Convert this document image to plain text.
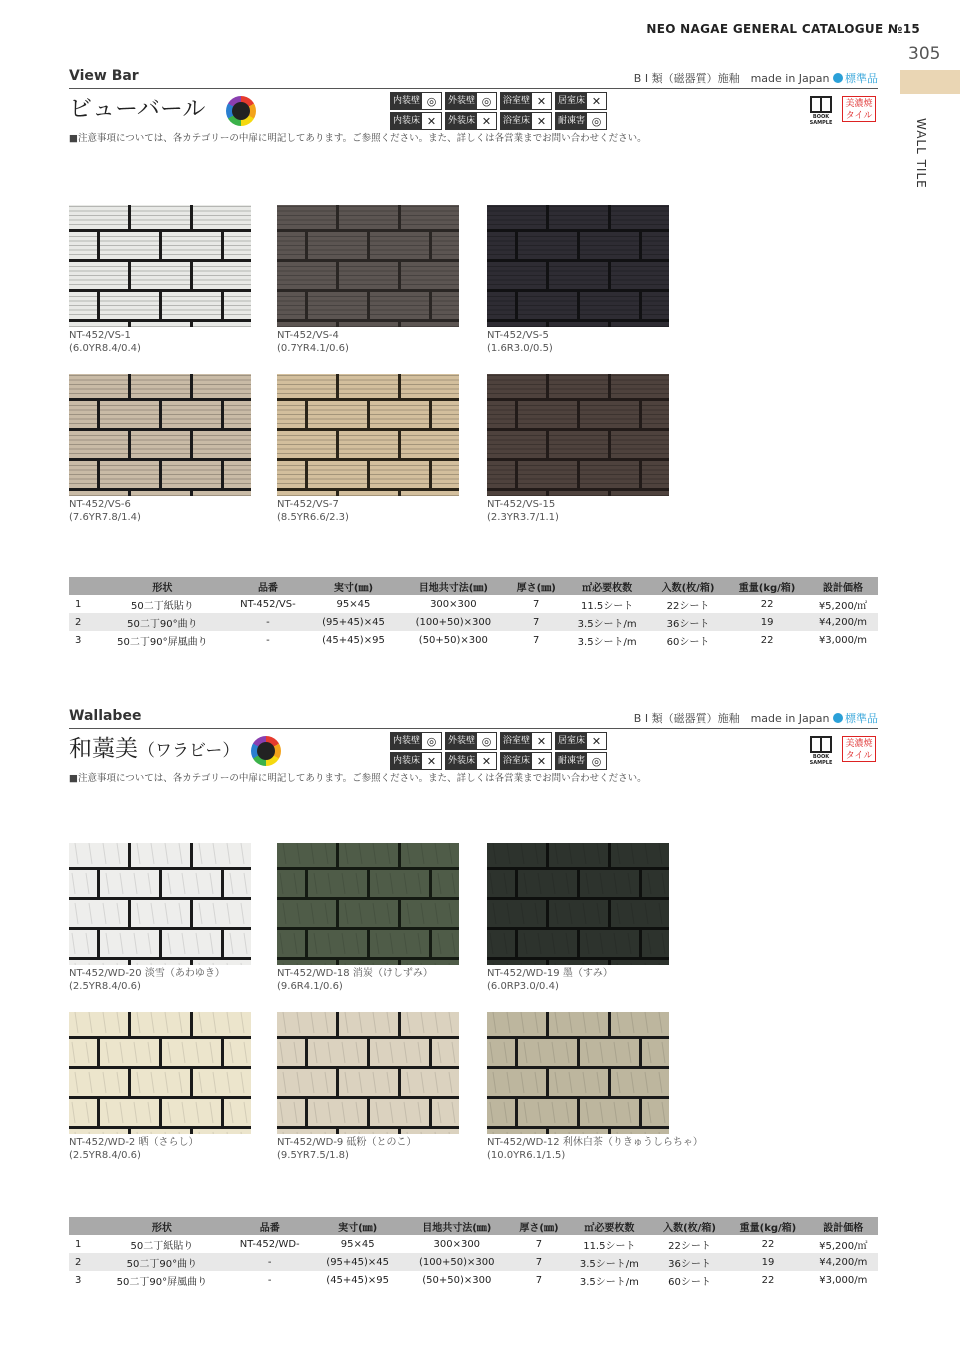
NEO NAGAE GENERAL CATALOGUE №15
305
WALL TILE
View Bar	B I 類（磁器質）施釉　 made in Japan 標準品
ビューバール	内装壁 ◎	外装壁 ◎	浴室壁 ✕	居室床 ✕
内装床 ✕	外装床 ✕	浴室床 ✕	耐凍害 ◎	BOOK SAMPLE
美濃焼
タイル
■注意事項については、各カテゴリーの中扉に明記してあります。ご参照ください。また、詳しくは各営業までお問い合わせください。
NT-452/VS-1
(6.0YR8.4/0.4)
NT-452/VS-4
(0.7YR4.1/0.6)
NT-452/VS-5
(1.6R3.0/0.5)
NT-452/VS-6
(7.6YR7.8/1.4)
NT-452/VS-7
(8.5YR6.6/2.3)
NT-452/VS-15
(2.3YR3.7/1.1)
	形状	品番	実寸(㎜)	目地共寸法(㎜)	厚さ(㎜)	㎡必要枚数	入数(枚/箱)	重量(kg/箱)	設計価格
1	50二丁紙貼り	NT-452/VS-	95×45	300×300	7	11.5シート	22シート	22	¥5,200/㎡
2	50二丁90°曲り	-	(95+45)×45	(100+50)×300	7	3.5シート/m	36シート	19	¥4,200/m
3	50二丁90°屏風曲り	-	(45+45)×95	(50+50)×300	7	3.5シート/m	60シート	22	¥3,000/m
Wallabee	B I 類（磁器質）施釉　 made in Japan 標準品
和藁美（ワラビー）	内装壁 ◎	外装壁 ◎	浴室壁 ✕	居室床 ✕
内装床 ✕	外装床 ✕	浴室床 ✕	耐凍害 ◎	BOOK SAMPLE
美濃焼
タイル
■注意事項については、各カテゴリーの中扉に明記してあります。ご参照ください。また、詳しくは各営業までお問い合わせください。
NT-452/WD-20 淡雪（あわゆき）
(2.5YR8.4/0.6)
NT-452/WD-18 消炭（けしずみ）
(9.6R4.1/0.6)
NT-452/WD-19 墨（すみ）
(6.0RP3.0/0.4)
NT-452/WD-2 晒（さらし）
(2.5YR8.4/0.6)
NT-452/WD-9 砥粉（とのこ）
(9.5YR7.5/1.8)
NT-452/WD-12 利休白茶（りきゅうしらちゃ）
(10.0YR6.1/1.5)
	形状	品番	実寸(㎜)	目地共寸法(㎜)	厚さ(㎜)	㎡必要枚数	入数(枚/箱)	重量(kg/箱)	設計価格
1	50二丁紙貼り	NT-452/WD-	95×45	300×300	7	11.5シート	22シート	22	¥5,200/㎡
2	50二丁90°曲り	-	(95+45)×45	(100+50)×300	7	3.5シート/m	36シート	19	¥4,200/m
3	50二丁90°屏風曲り	-	(45+45)×95	(50+50)×300	7	3.5シート/m	60シート	22	¥3,000/m
